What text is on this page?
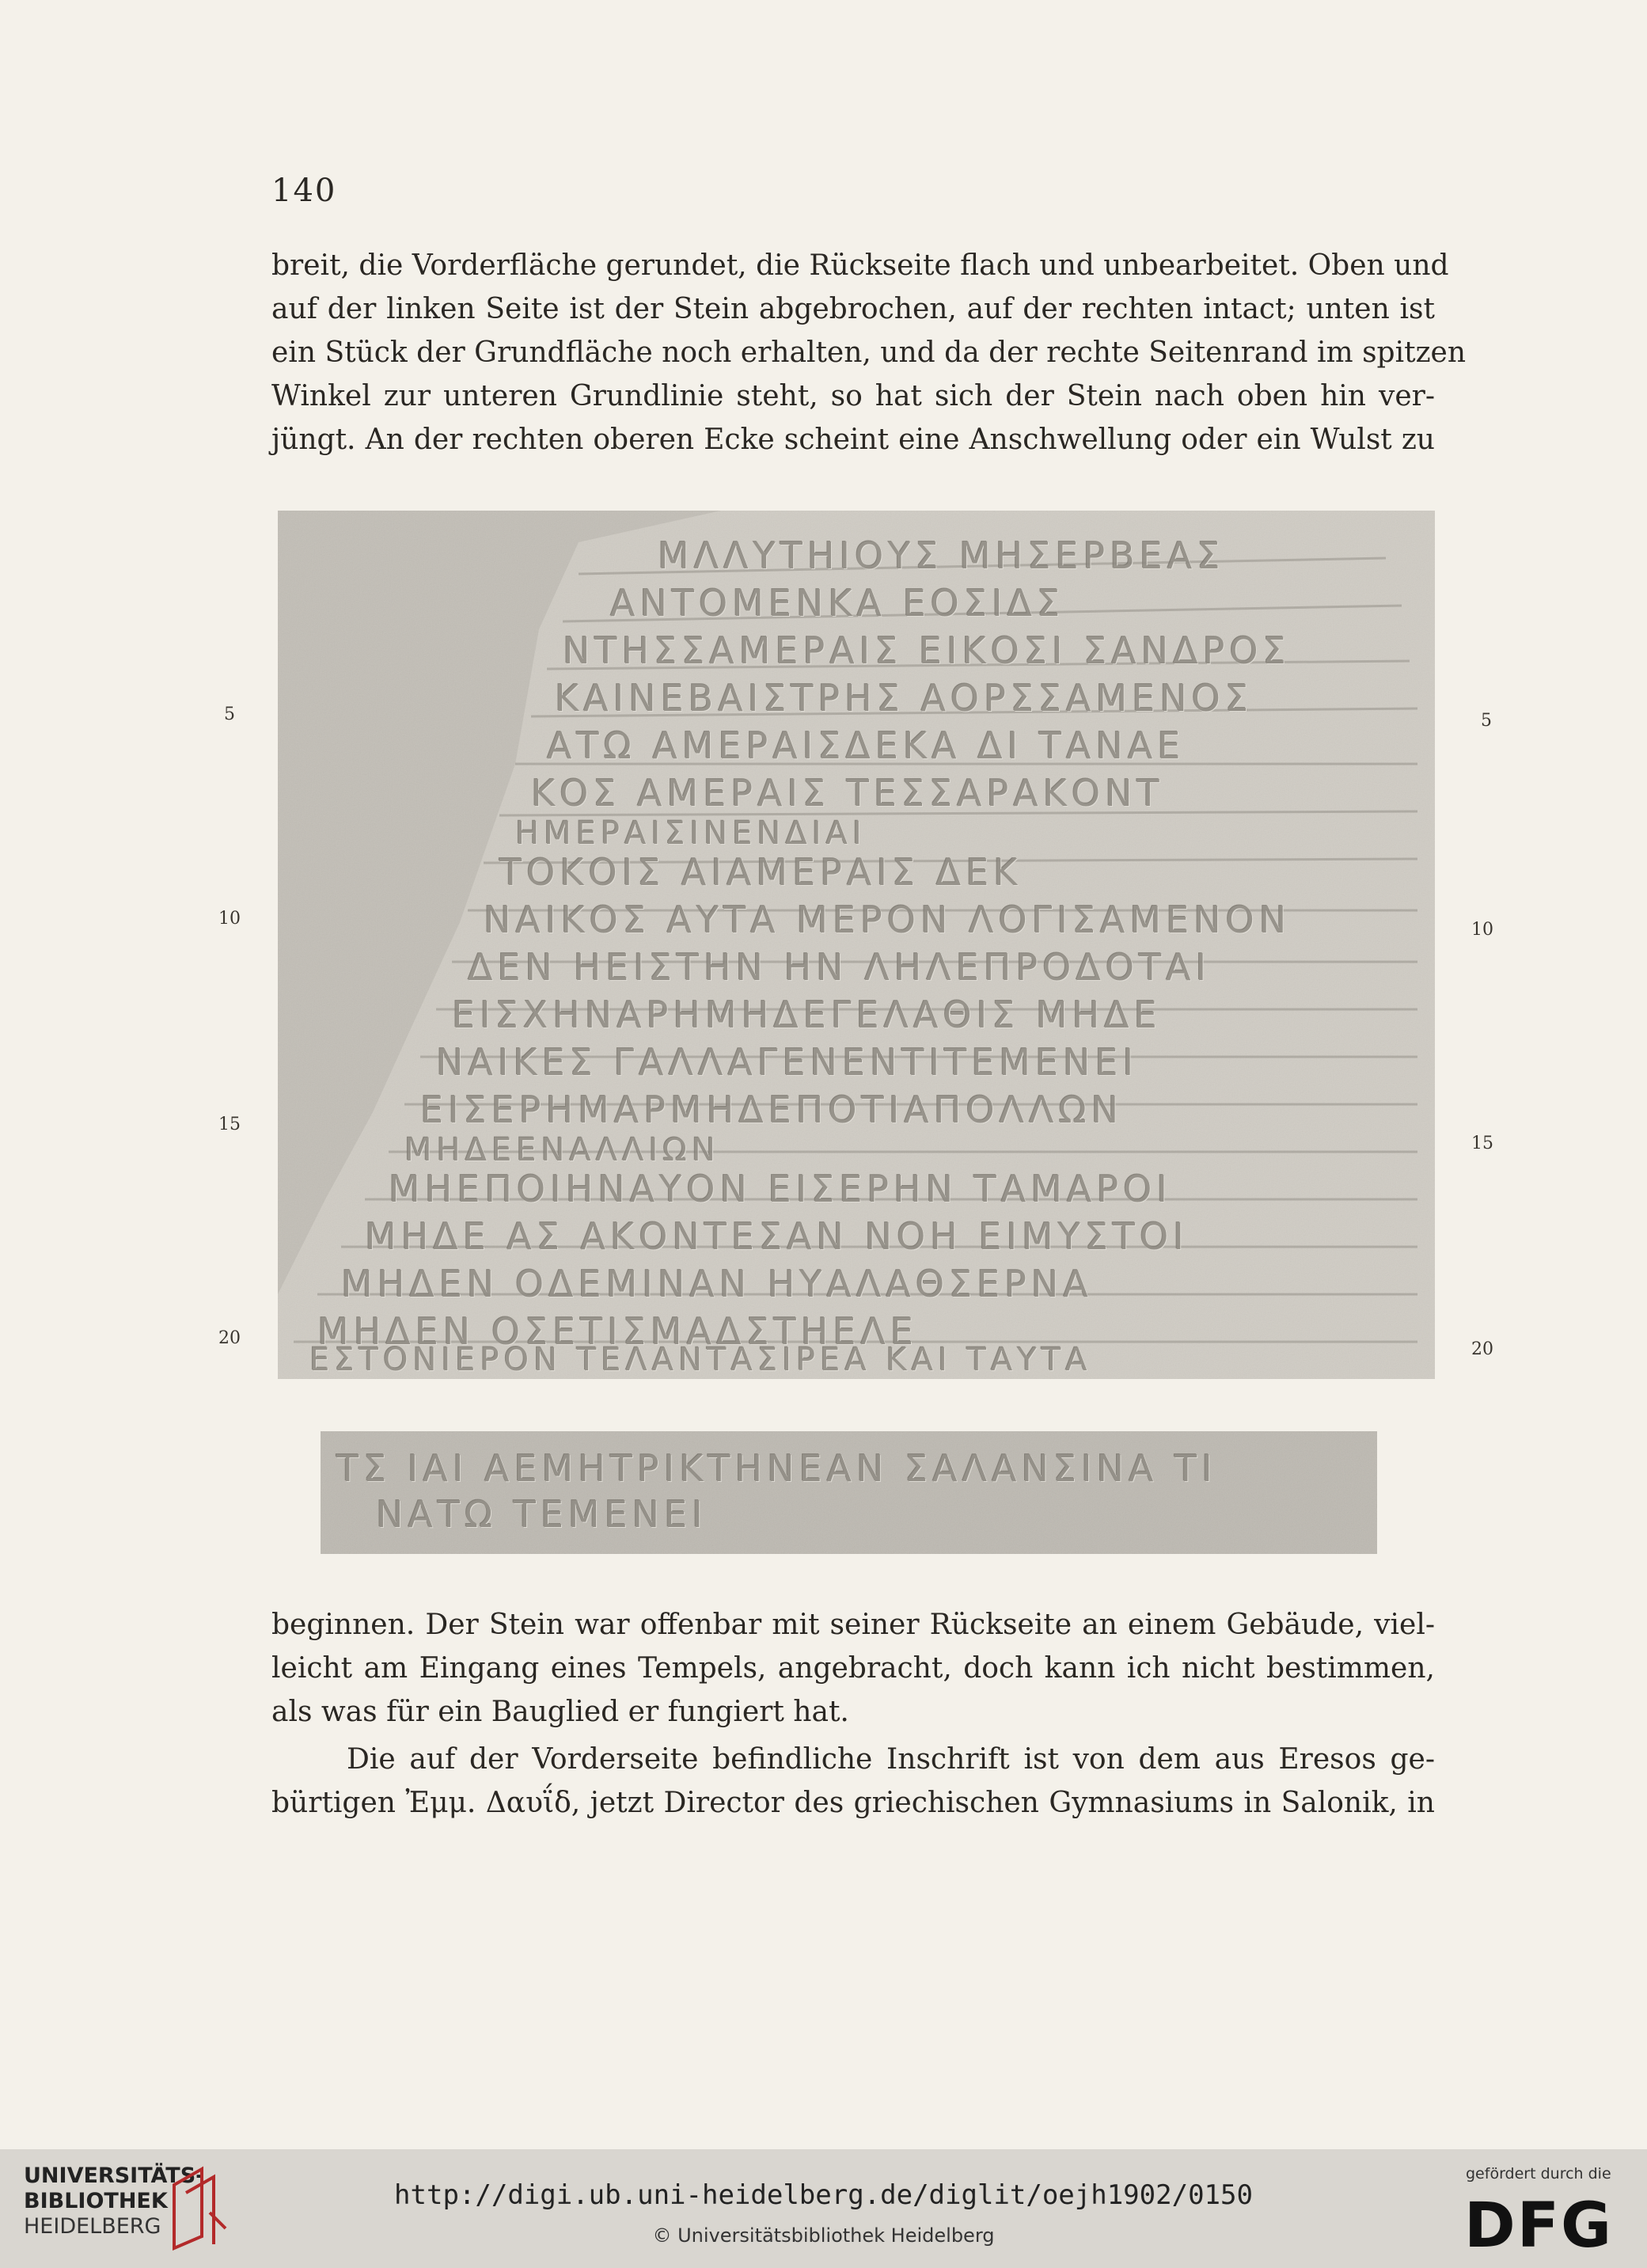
140
breit, die Vorderfläche gerundet, die Rückseite flach und unbearbeitet. Oben und
auf der linken Seite ist der Stein abgebrochen, auf der rechten intact; unten ist
ein Stück der Grundfläche noch erhalten, und da der rechte Seitenrand im spitzen
Winkel zur unteren Grundlinie steht, so hat sich der Stein nach oben hin ver-
jüngt. An der rechten oberen Ecke scheint eine Anschwellung oder ein Wulst zu
5
10
15
20
5
10
15
20
ΜΛΛΥΤΗΙΟΥΣ ΜΗΣΕΡΒΕΑΣ
ΑΝΤΟΜΕΝΚΑ ΕΟΣΙΔΣ
ΝΤΗΣΣΑΜΕΡΑΙΣ ΕΙΚΟΣΙ ΣΑΝΔΡΟΣ
ΚΑΙΝΕΒΑΙΣΤΡΗΣ ΑΟΡΣΣΑΜΕΝΟΣ
ΑΤΩ ΑΜΕΡΑΙΣΔΕΚΑ ΔΙ ΤΑΝΑΕ
ΚΟΣ ΑΜΕΡΑΙΣ ΤΕΣΣΑΡΑΚΟΝΤ
ΗΜΕΡΑΙΣΙΝΕΝΔΙΑΙ
ΤΟΚΟΙΣ ΑΙΑΜΕΡΑΙΣ ΔΕΚ
ΝΑΙΚΟΣ ΑΥΤΑ ΜΕΡΟΝ ΛΟΓΙΣΑΜΕΝΟΝ
ΔΕΝ ΗΕΙΣΤΗΝ ΗΝ ΛΗΛΕΠΡΟΔΟΤΑΙ
ΕΙΣΧΗΝΑΡΗΜΗΔΕΓΕΛΑΘΙΣ ΜΗΔΕ
ΝΑΙΚΕΣ ΓΑΛΛΑΓΕΝΕΝΤΙΤΕΜΕΝΕΙ
ΕΙΣΕΡΗΜΑΡΜΗΔΕΠΟΤΙΑΠΟΛΛΩΝ
ΜΗΔΕΕΝΑΛΛΙΩΝ
ΜΗΕΠΟΙΗΝΑΥΟΝ ΕΙΣΕΡΗΝ ΤΑΜΑΡΟΙ
ΜΗΔΕ ΑΣ ΑΚΟΝΤΕΣΑΝ ΝΟΗ ΕΙΜΥΣΤΟΙ
ΜΗΔΕΝ ΟΔΕΜΙΝΑΝ ΗΥΑΛΑΘΣΕΡΝΑ
ΜΗΔΕΝ ΟΣΕΤΙΣΜΑΔΣΤΗΕΛΕ
ΕΣΤΟΝΙΕΡΟΝ ΤΕΛΑΝΤΑΣΙΡΕΑ ΚΑΙ ΤΑΥΤΑ
ΤΣ ΙΑΙ ΑΕΜΗΤΡΙΚΤΗΝΕΑΝ ΣΑΛΑΝΣΙΝΑ ΤΙ
ΝΑΤΩ ΤΕΜΕΝΕΙ
beginnen. Der Stein war offenbar mit seiner Rückseite an einem Gebäude, viel-
leicht am Eingang eines Tempels, angebracht, doch kann ich nicht bestimmen,
als was für ein Bauglied er fungiert hat.
Die auf der Vorderseite befindliche Inschrift ist von dem aus Eresos ge-
bürtigen Ἐμμ. Δαυΐδ, jetzt Director des griechischen Gymnasiums in Salonik, in
UNIVERSITÄTS-
BIBLIOTHEK
HEIDELBERG
http://digi.ub.uni-heidelberg.de/diglit/oejh1902/0150
© Universitätsbibliothek Heidelberg
gefördert durch die
DFG
